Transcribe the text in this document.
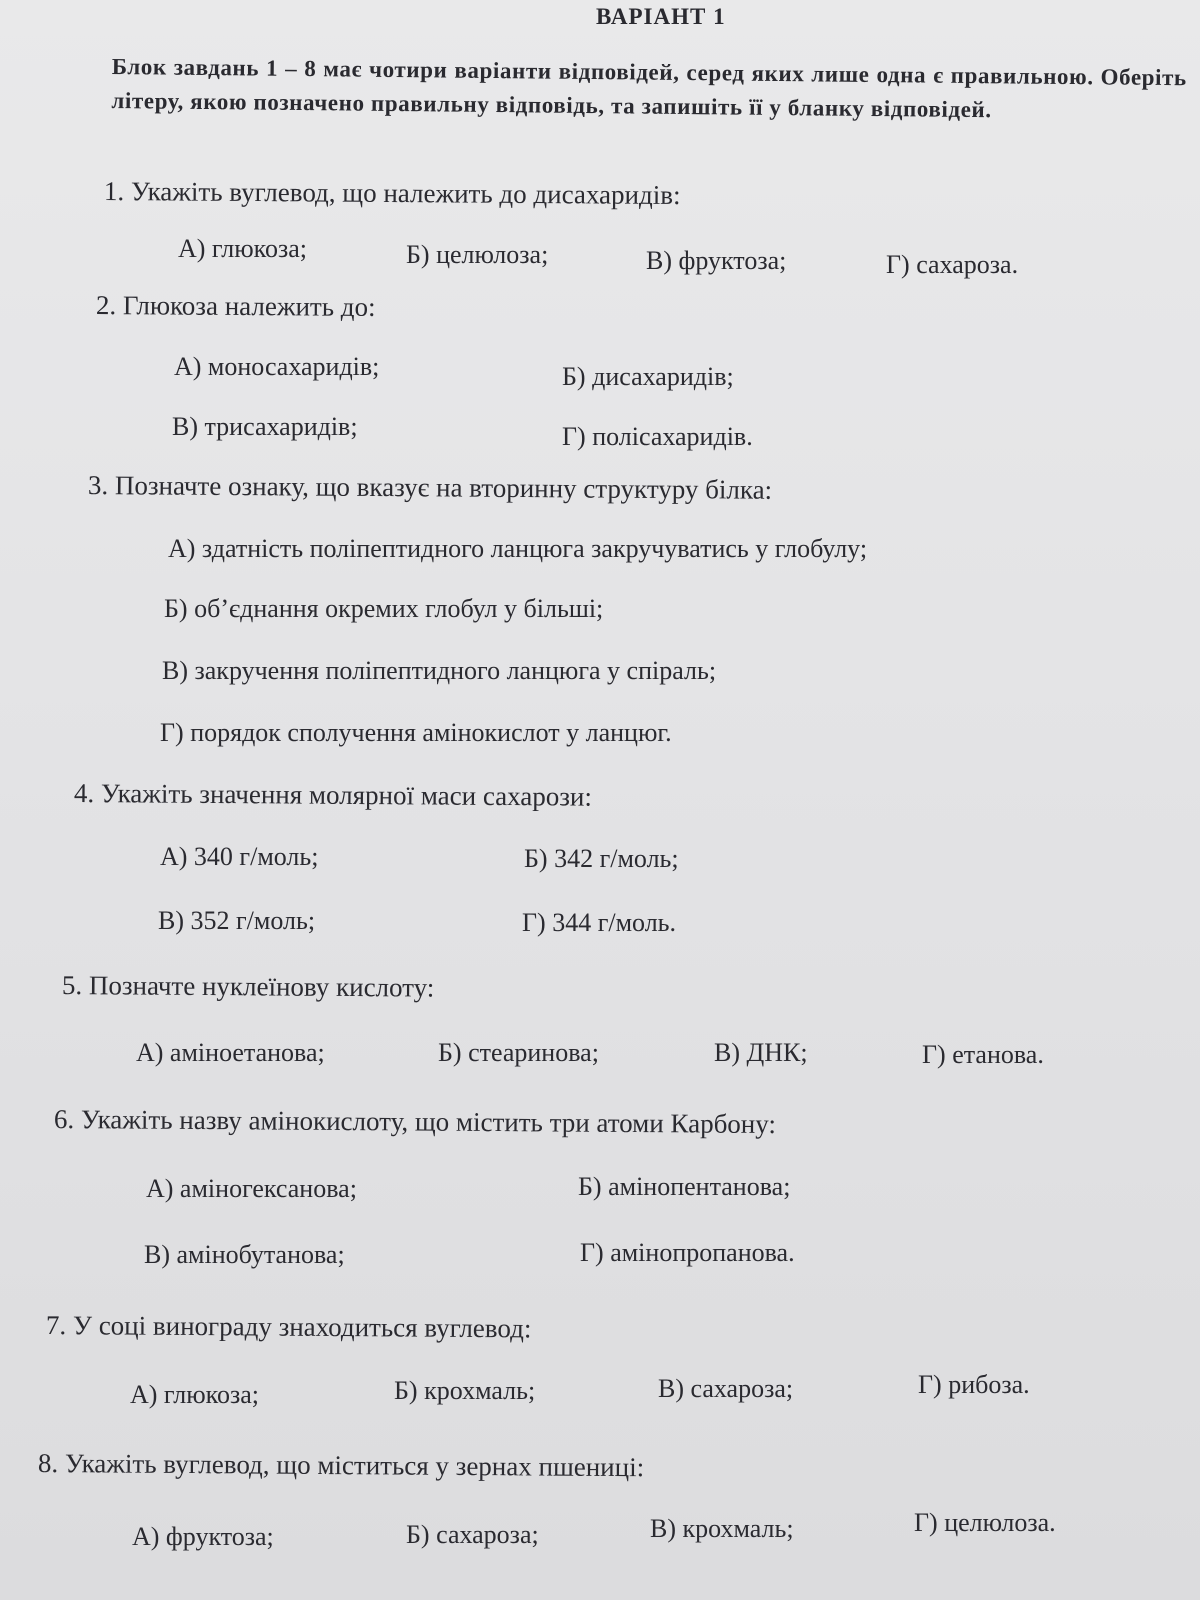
ВАРІАНТ 1
Блок завдань 1 – 8 має чотири варіанти відповідей, серед яких лише одна є правильною. Оберіть літеру, якою позначено правильну відповідь, та запишіть її у бланку відповідей.
1. Укажіть вуглевод, що належить до дисахаридів:
А) глюкоза;	Б) целюлоза;	В) фруктоза;	Г) сахароза.
2. Глюкоза належить до:
А) моносахаридів;	Б) дисахаридів;
В) трисахаридів;	Г) полісахаридів.
3. Позначте ознаку, що вказує на вторинну структуру білка:
А) здатність поліпептидного ланцюга закручуватись у глобулу;
Б) об’єднання окремих глобул у більші;
В) закручення поліпептидного ланцюга у спіраль;
Г) порядок сполучення амінокислот у ланцюг.
4. Укажіть значення молярної маси сахарози:
А) 340 г/моль;	Б) 342 г/моль;
В) 352 г/моль;	Г) 344 г/моль.
5. Позначте нуклеїнову кислоту:
А) аміноетанова;	Б) стеаринова;	В) ДНК;	Г) етанова.
6. Укажіть назву амінокислоту, що містить три атоми Карбону:
А) аміногексанова;	Б) амінопентанова;
В) амінобутанова;	Г) амінопропанова.
7. У соці винограду знаходиться вуглевод:
А) глюкоза;	Б) крохмаль;	В) сахароза;	Г) рибоза.
8. Укажіть вуглевод, що міститься у зернах пшениці:
А) фруктоза;	Б) сахароза;	В) крохмаль;	Г) целюлоза.
